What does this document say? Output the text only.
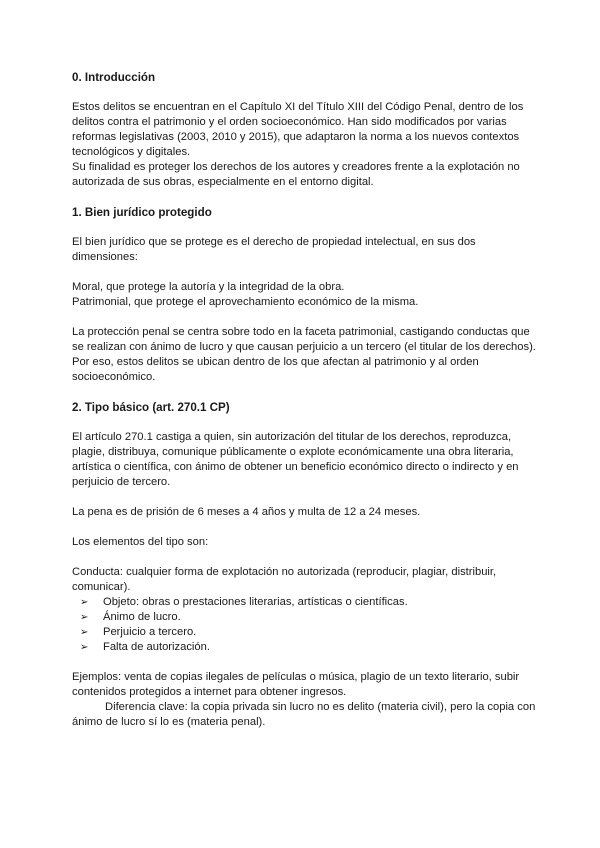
0. Introducción

Estos delitos se encuentran en el Capítulo XI del Título XIII del Código Penal, dentro de los delitos contra el patrimonio y el orden socioeconómico. Han sido modificados por varias reformas legislativas (2003, 2010 y 2015), que adaptaron la norma a los nuevos contextos tecnológicos y digitales.

Su finalidad es proteger los derechos de los autores y creadores frente a la explotación no autorizada de sus obras, especialmente en el entorno digital.

1. Bien jurídico protegido

El bien jurídico que se protege es el derecho de propiedad intelectual, en sus dos dimensiones:

Moral, que protege la autoría y la integridad de la obra.

Patrimonial, que protege el aprovechamiento económico de la misma.

La protección penal se centra sobre todo en la faceta patrimonial, castigando conductas que se realizan con ánimo de lucro y que causan perjuicio a un tercero (el titular de los derechos).

Por eso, estos delitos se ubican dentro de los que afectan al patrimonio y al orden socioeconómico.

2. Tipo básico (art. 270.1 CP)

El artículo 270.1 castiga a quien, sin autorización del titular de los derechos, reproduzca, plagie, distribuya, comunique públicamente o explote económicamente una obra literaria, artística o científica, con ánimo de obtener un beneficio económico directo o indirecto y en perjuicio de tercero.

La pena es de prisión de 6 meses a 4 años y multa de 12 a 24 meses.

Los elementos del tipo son:

Conducta: cualquier forma de explotación no autorizada (reproducir, plagiar, distribuir, comunicar).

➢	Objeto: obras o prestaciones literarias, artísticas o científicas.
➢	Ánimo de lucro.
➢	Perjuicio a tercero.
➢	Falta de autorización.

Ejemplos: venta de copias ilegales de películas o música, plagio de un texto literario, subir contenidos protegidos a internet para obtener ingresos.

Diferencia clave: la copia privada sin lucro no es delito (materia civil), pero la copia con ánimo de lucro sí lo es (materia penal).
